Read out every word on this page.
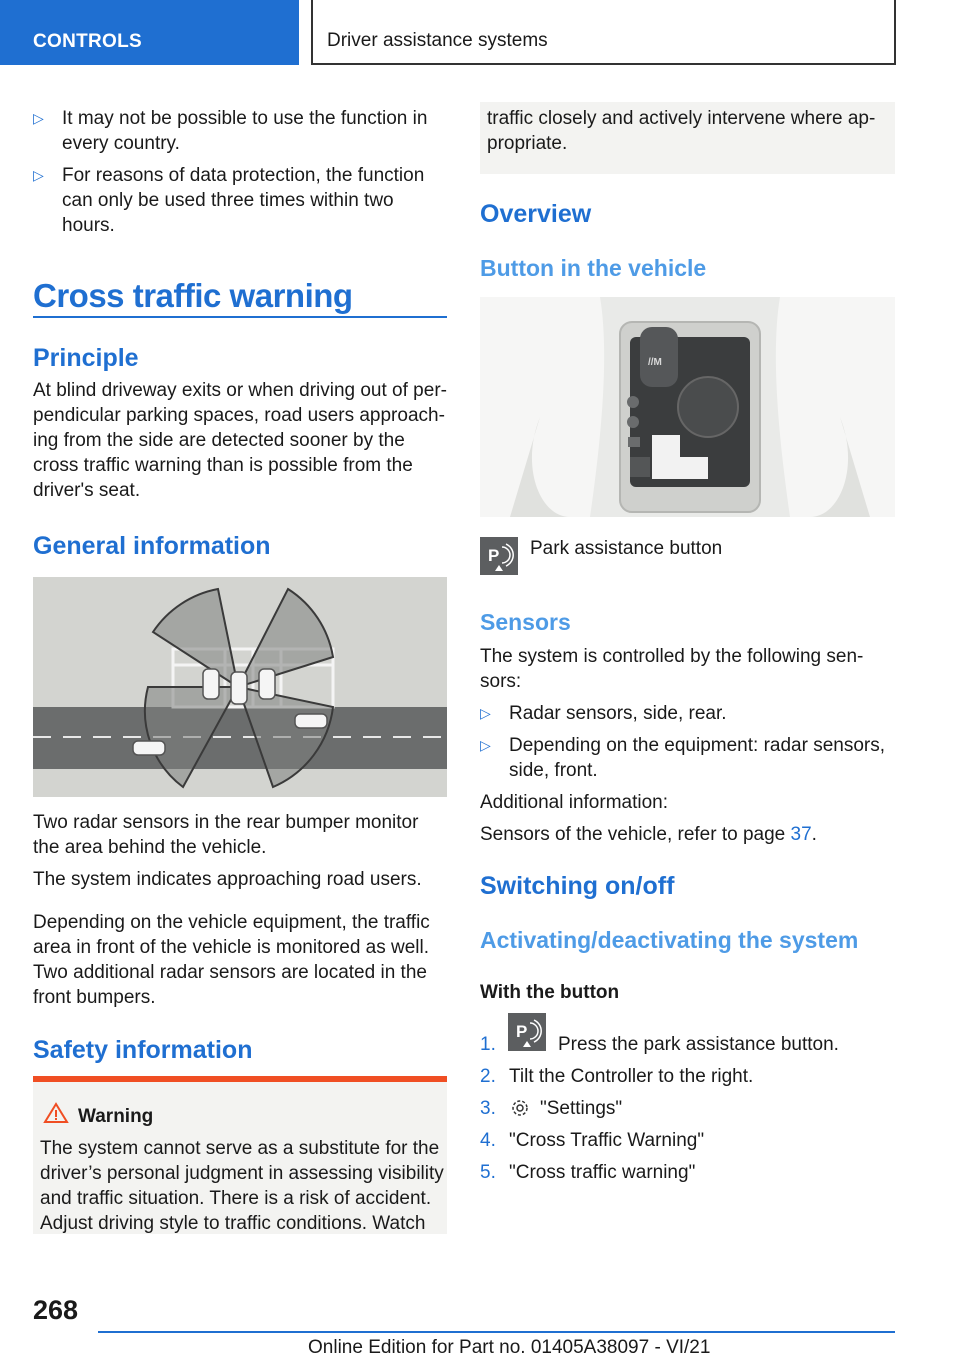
CONTROLS	Driver assistance systems
▷ It may not be possible to use the function in
every country.
▷ For reasons of data protection, the function
can only be used three times within two
hours.
Cross traffic warning
Principle
At blind driveway exits or when driving out of per-
pendicular parking spaces, road users approach-
ing from the side are detected sooner by the
cross traffic warning than is possible from the
driver's seat.
General information
Two radar sensors in the rear bumper monitor
the area behind the vehicle.
The system indicates approaching road users.
Depending on the vehicle equipment, the traffic
area in front of the vehicle is monitored as well.
Two additional radar sensors are located in the
front bumpers.
Safety information
Warning
The system cannot serve as a substitute for the
driver’s personal judgment in assessing visibility
and traffic situation. There is a risk of accident.
Adjust driving style to traffic conditions. Watch
traffic closely and actively intervene where ap-
propriate.
Overview
Button in the vehicle
//M
P Park assistance button
Sensors
The system is controlled by the following sen-
sors:
▷ Radar sensors, side, rear.
▷ Depending on the equipment: radar sensors,
side, front.
Additional information:
Sensors of the vehicle, refer to page 37.
Switching on/off
Activating/deactivating the system
With the button
1.
P
Press the park assistance button.
2. Tilt the Controller to the right.
3. "Settings"
4. "Cross Traffic Warning"
5. "Cross traffic warning"
268
Online Edition for Part no. 01405A38097 - VI/21
